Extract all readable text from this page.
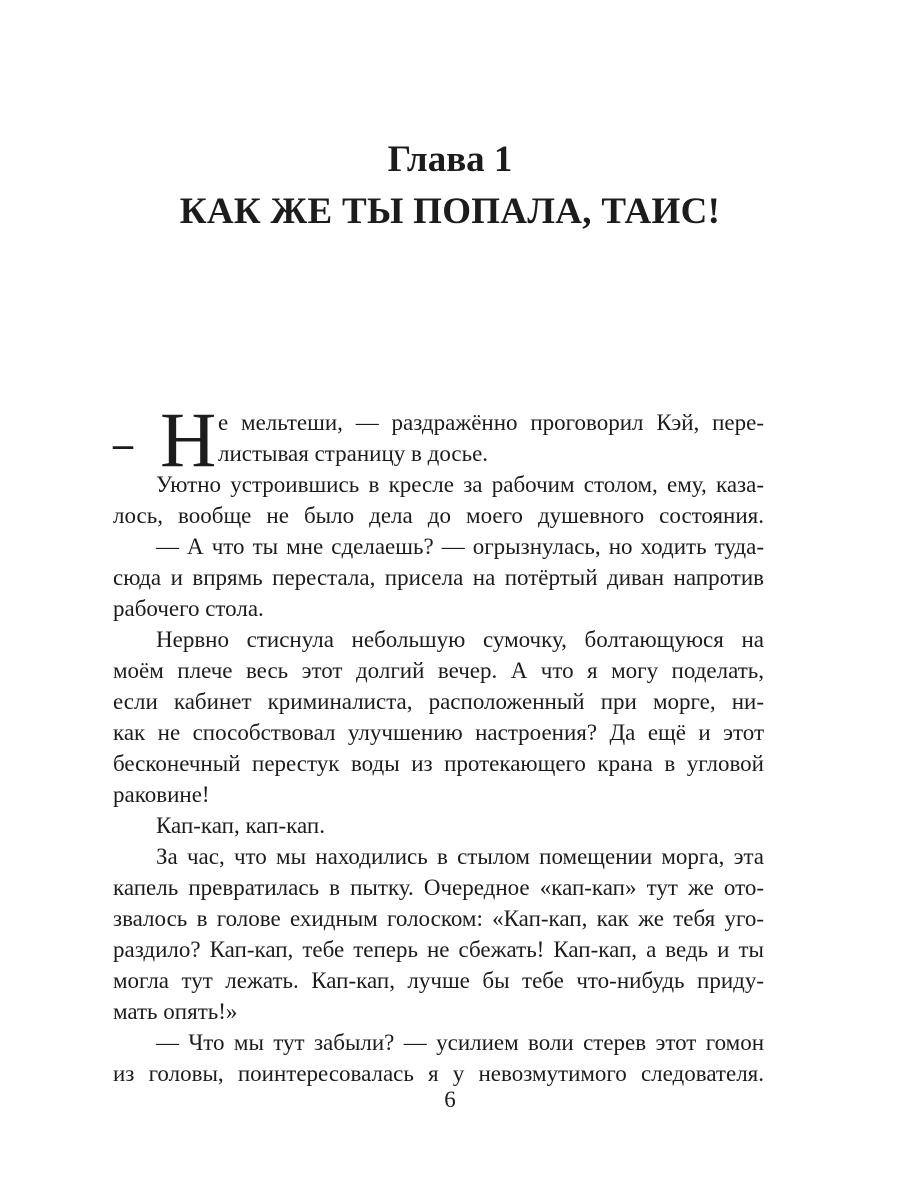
Глава 1
КАК ЖЕ ТЫ ПОПАЛА, ТАИС!
– Н е мельтеши, — раздражённо проговорил Кэй, пере-
листывая страницу в досье.
Уютно устроившись в кресле за рабочим столом, ему, каза-
лось, вообще не было дела до моего душевного состояния.
— А что ты мне сделаешь? — огрызнулась, но ходить туда-
сюда и впрямь перестала, присела на потёртый диван напротив
рабочего стола.
Нервно стиснула небольшую сумочку, болтающуюся на
моём плече весь этот долгий вечер. А что я могу поделать,
если кабинет криминалиста, расположенный при морге, ни-
как не способствовал улучшению настроения? Да ещё и этот
бесконечный перестук воды из протекающего крана в угловой
раковине!
Кап-кап, кап-кап.
За час, что мы находились в стылом помещении морга, эта
капель превратилась в пытку. Очередное «кап-кап» тут же ото-
звалось в голове ехидным голоском: «Кап-кап, как же тебя уго-
раздило? Кап-кап, тебе теперь не сбежать! Кап-кап, а ведь и ты
могла тут лежать. Кап-кап, лучше бы тебе что-нибудь приду-
мать опять!»
— Что мы тут забыли? — усилием воли стерев этот гомон
из головы, поинтересовалась я у невозмутимого следователя.
6
